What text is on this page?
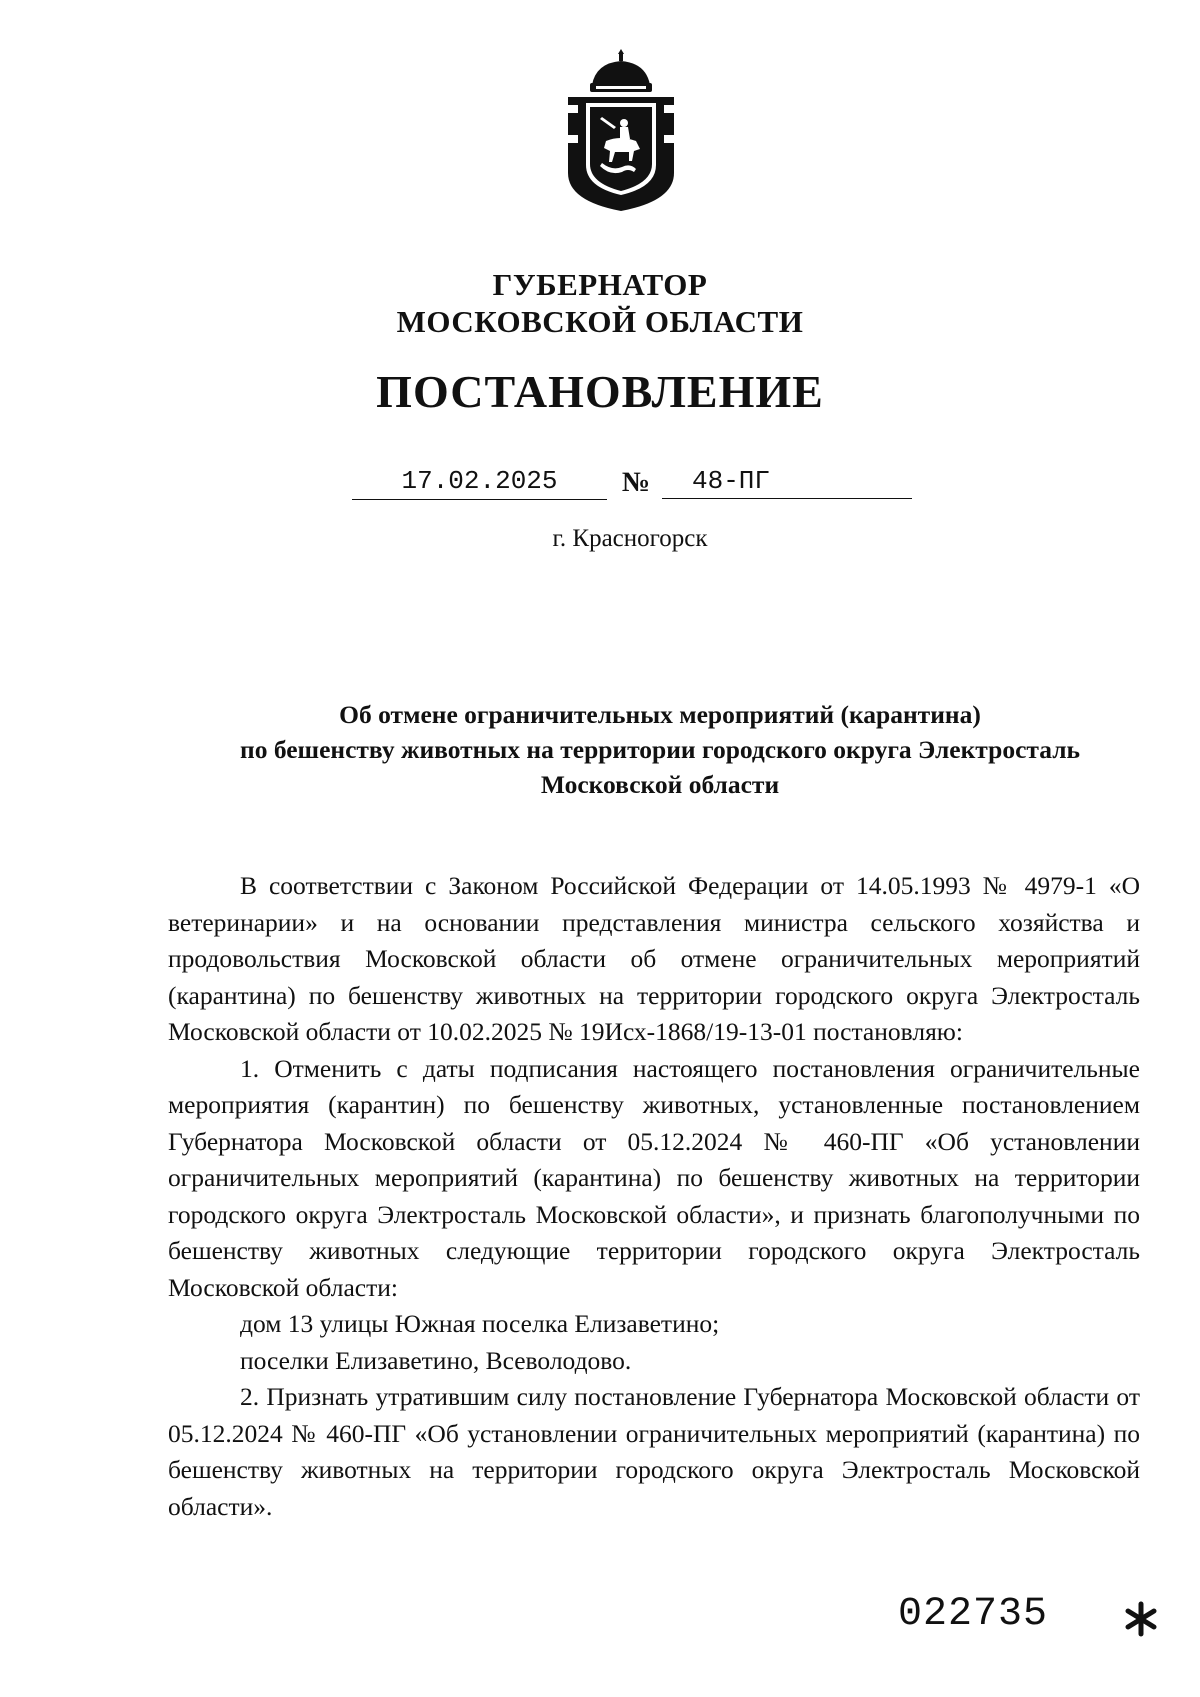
ГУБЕРНАТОР
МОСКОВСКОЙ ОБЛАСТИ
ПОСТАНОВЛЕНИЕ
17.02.2025	№	48-ПГ
г. Красногорск
Об отмене ограничительных мероприятий (карантина)
по бешенству животных на территории городского округа Электросталь
Московской области

В соответствии с Законом Российской Федерации от 14.05.1993 № 4979-1 «О ветеринарии» и на основании представления министра сельского хозяйства и продовольствия Московской области об отмене ограничительных мероприятий (карантина) по бешенству животных на территории городского округа Электросталь Московской области от 10.02.2025 № 19Исх-1868/19-13-01 постановляю:

1. Отменить с даты подписания настоящего постановления ограничительные мероприятия (карантин) по бешенству животных, установленные постановлением Губернатора Московской области от 05.12.2024 № 460-ПГ «Об установлении ограничительных мероприятий (карантина) по бешенству животных на территории городского округа Электросталь Московской области», и признать благополучными по бешенству животных следующие территории городского округа Электросталь Московской области:

дом 13 улицы Южная поселка Елизаветино;

поселки Елизаветино, Всеволодово.

2. Признать утратившим силу постановление Губернатора Московской области от 05.12.2024 № 460-ПГ «Об установлении ограничительных мероприятий (карантина) по бешенству животных на территории городского округа Электросталь Московской области».

022735
